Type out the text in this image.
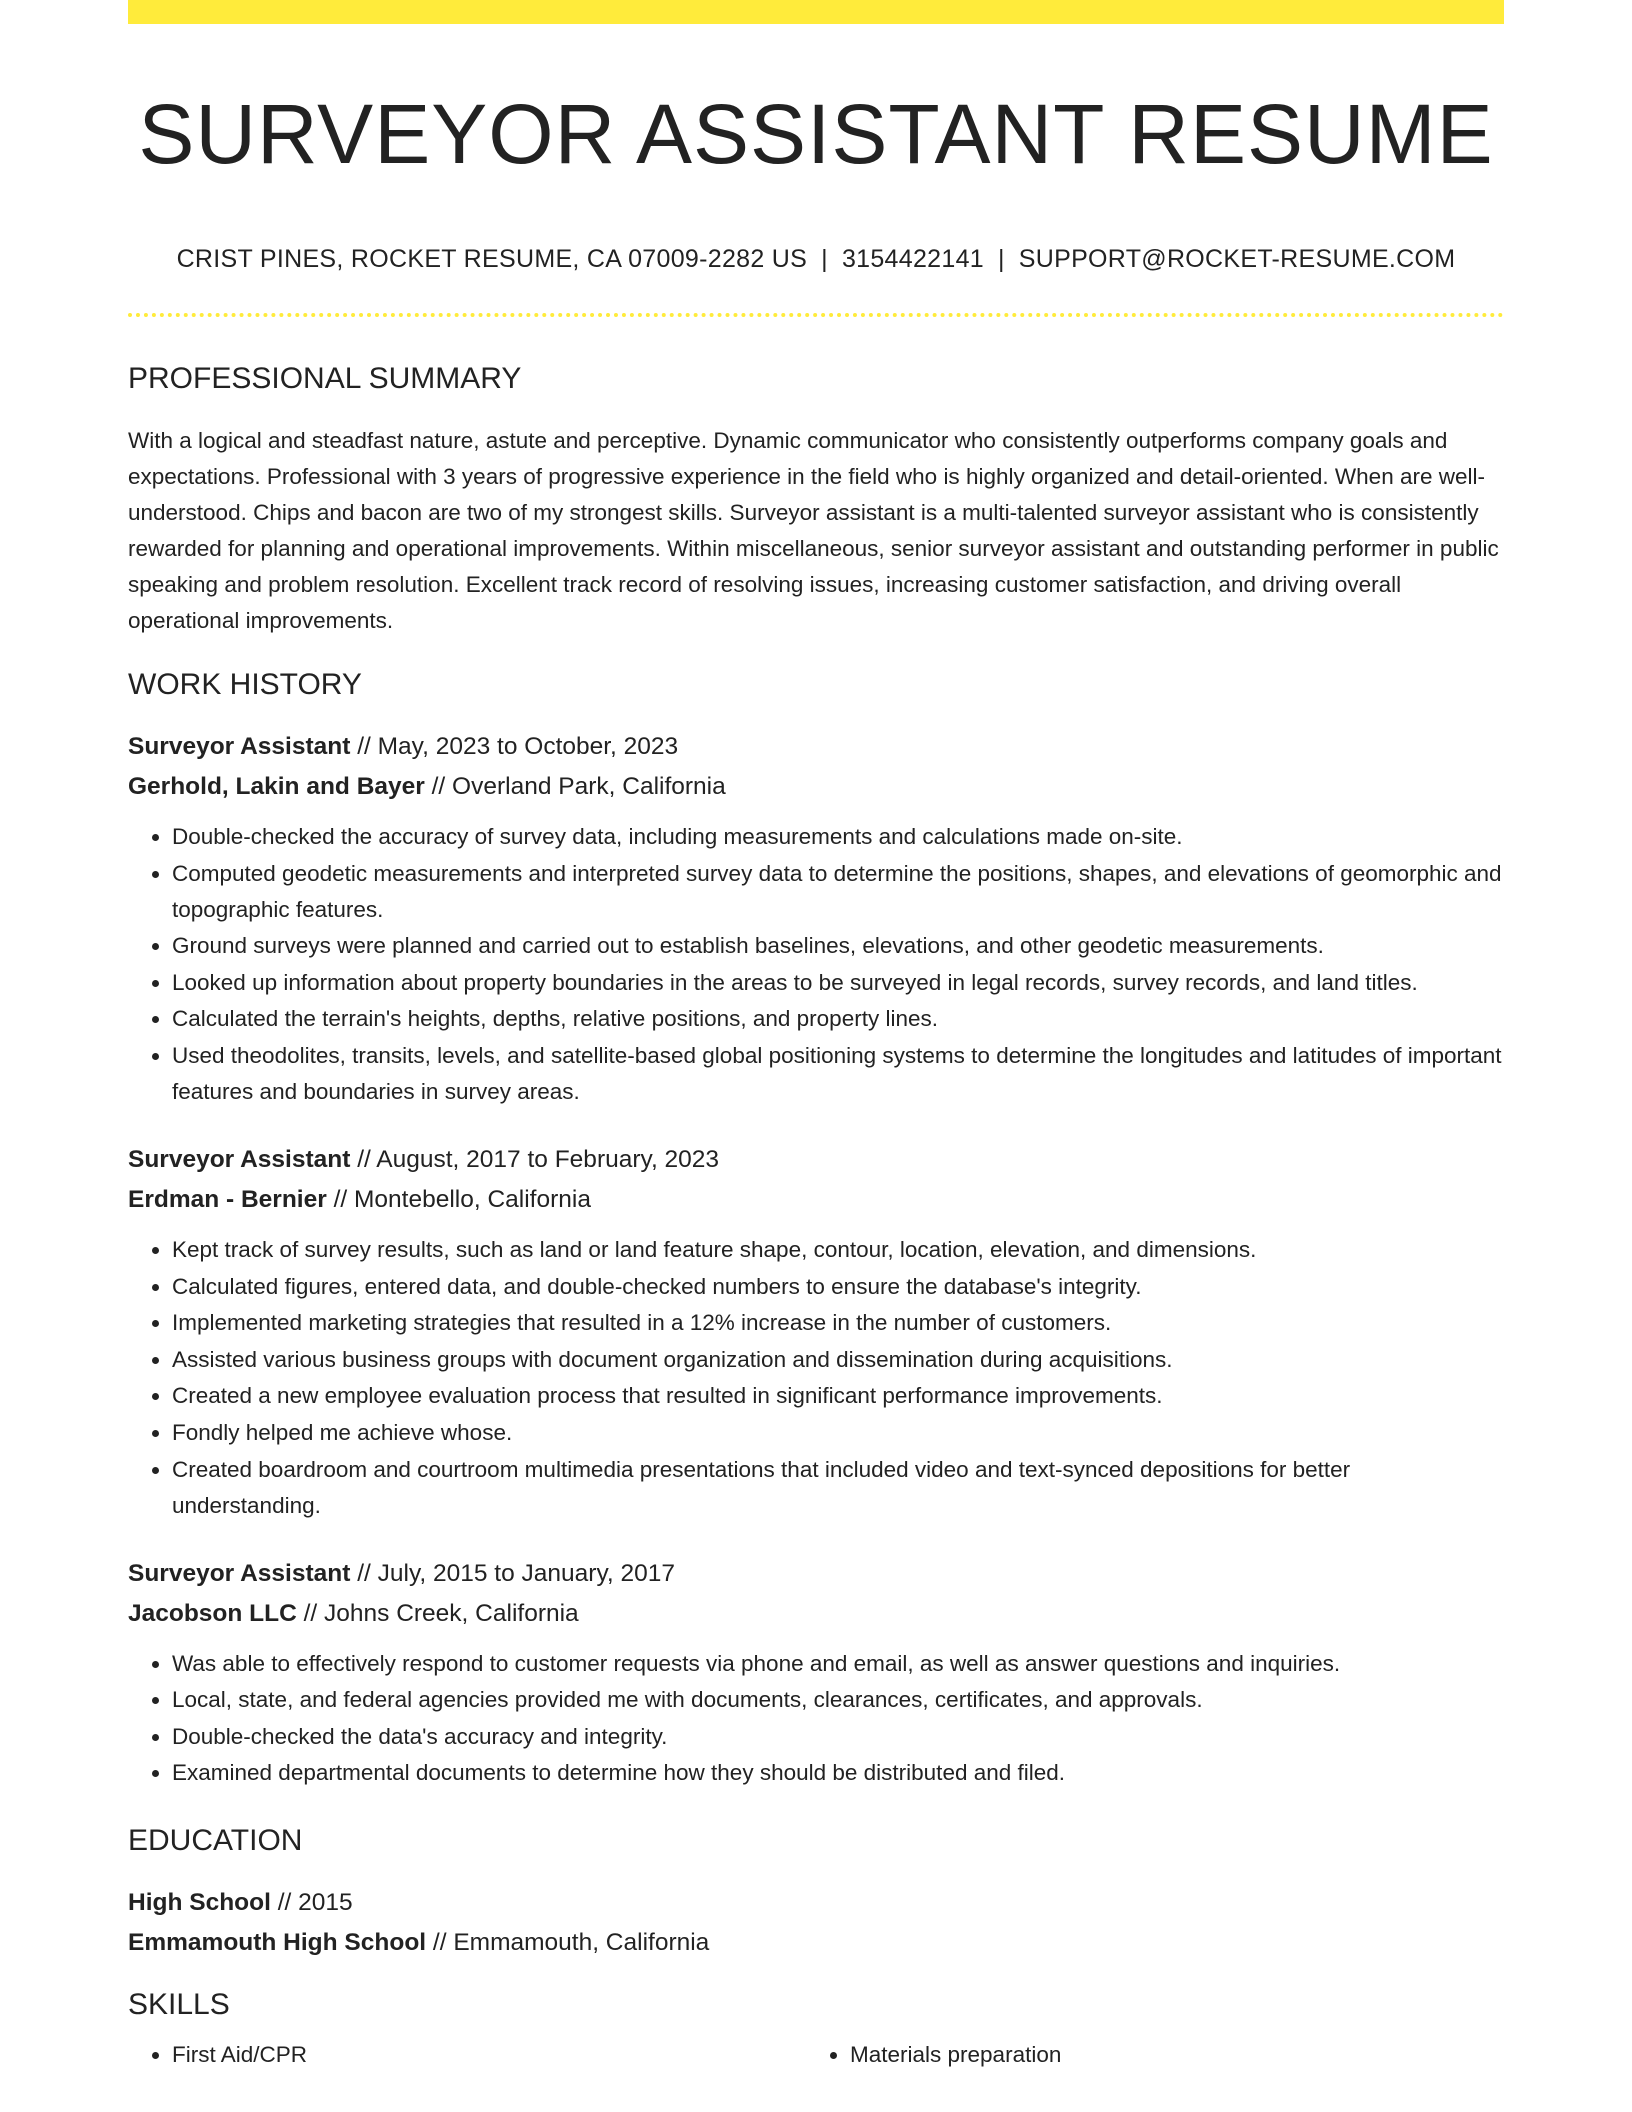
SURVEYOR ASSISTANT RESUME
CRIST PINES, ROCKET RESUME, CA 07009-2282 US | 3154422141 | SUPPORT@ROCKET-RESUME.COM
PROFESSIONAL SUMMARY

With a logical and steadfast nature, astute and perceptive. Dynamic communicator who consistently outperforms company goals and expectations. Professional with 3 years of progressive experience in the field who is highly organized and detail-oriented. When are well-understood. Chips and bacon are two of my strongest skills. Surveyor assistant is a multi-talented surveyor assistant who is consistently rewarded for planning and operational improvements. Within miscellaneous, senior surveyor assistant and outstanding performer in public speaking and problem resolution. Excellent track record of resolving issues, increasing customer satisfaction, and driving overall operational improvements.

WORK HISTORY

Surveyor Assistant // May, 2023 to October, 2023

Gerhold, Lakin and Bayer // Overland Park, California

• Double-checked the accuracy of survey data, including measurements and calculations made on-site.
• Computed geodetic measurements and interpreted survey data to determine the positions, shapes, and elevations of geomorphic and topographic features.
• Ground surveys were planned and carried out to establish baselines, elevations, and other geodetic measurements.
• Looked up information about property boundaries in the areas to be surveyed in legal records, survey records, and land titles.
• Calculated the terrain's heights, depths, relative positions, and property lines.
• Used theodolites, transits, levels, and satellite-based global positioning systems to determine the longitudes and latitudes of important features and boundaries in survey areas.

Surveyor Assistant // August, 2017 to February, 2023

Erdman - Bernier // Montebello, California

• Kept track of survey results, such as land or land feature shape, contour, location, elevation, and dimensions.
• Calculated figures, entered data, and double-checked numbers to ensure the database's integrity.
• Implemented marketing strategies that resulted in a 12% increase in the number of customers.
• Assisted various business groups with document organization and dissemination during acquisitions.
• Created a new employee evaluation process that resulted in significant performance improvements.
• Fondly helped me achieve whose.
• Created boardroom and courtroom multimedia presentations that included video and text-synced depositions for better understanding.

Surveyor Assistant // July, 2015 to January, 2017

Jacobson LLC // Johns Creek, California

• Was able to effectively respond to customer requests via phone and email, as well as answer questions and inquiries.
• Local, state, and federal agencies provided me with documents, clearances, certificates, and approvals.
• Double-checked the data's accuracy and integrity.
• Examined departmental documents to determine how they should be distributed and filed.
EDUCATION

High School // 2015

Emmamouth High School // Emmamouth, California

SKILLS
• First Aid/CPR
•	Materials preparation
